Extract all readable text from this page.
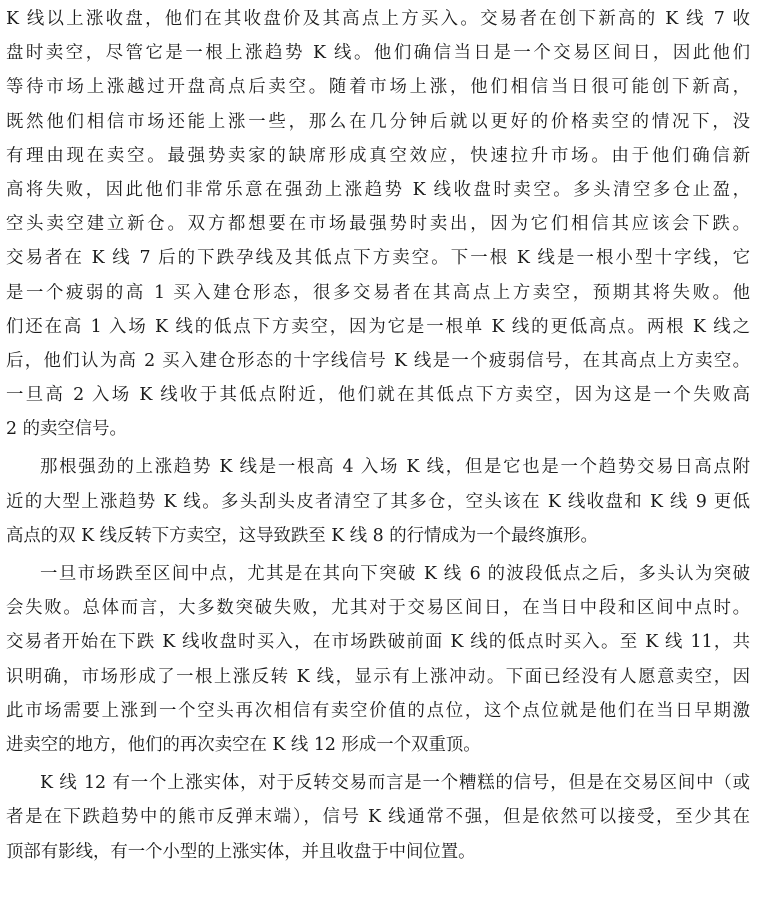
K 线以上涨收盘，他们在其收盘价及其高点上方买入。交易者在创下新高的 K 线 7 收
盘时卖空，尽管它是一根上涨趋势 K 线。他们确信当日是一个交易区间日，因此他们
等待市场上涨越过开盘高点后卖空。随着市场上涨，他们相信当日很可能创下新高，
既然他们相信市场还能上涨一些，那么在几分钟后就以更好的价格卖空的情况下，没
有理由现在卖空。最强势卖家的缺席形成真空效应，快速拉升市场。由于他们确信新
高将失败，因此他们非常乐意在强劲上涨趋势 K 线收盘时卖空。多头清空多仓止盈，
空头卖空建立新仓。双方都想要在市场最强势时卖出，因为它们相信其应该会下跌。
交易者在 K 线 7 后的下跌孕线及其低点下方卖空。下一根 K 线是一根小型十字线，它
是一个疲弱的高 1 买入建仓形态，很多交易者在其高点上方卖空，预期其将失败。他
们还在高 1 入场 K 线的低点下方卖空，因为它是一根单 K 线的更低高点。两根 K 线之
后，他们认为高 2 买入建仓形态的十字线信号 K 线是一个疲弱信号，在其高点上方卖空。
一旦高 2 入场 K 线收于其低点附近，他们就在其低点下方卖空，因为这是一个失败高
2 的卖空信号。
那根强劲的上涨趋势 K 线是一根高 4 入场 K 线，但是它也是一个趋势交易日高点附
近的大型上涨趋势 K 线。多头刮头皮者清空了其多仓，空头该在 K 线收盘和 K 线 9 更低
高点的双 K 线反转下方卖空，这导致跌至 K 线 8 的行情成为一个最终旗形。
一旦市场跌至区间中点，尤其是在其向下突破 K 线 6 的波段低点之后，多头认为突破
会失败。总体而言，大多数突破失败，尤其对于交易区间日，在当日中段和区间中点时。
交易者开始在下跌 K 线收盘时买入，在市场跌破前面 K 线的低点时买入。至 K 线 11，共
识明确，市场形成了一根上涨反转 K 线，显示有上涨冲动。下面已经没有人愿意卖空，因
此市场需要上涨到一个空头再次相信有卖空价值的点位，这个点位就是他们在当日早期激
进卖空的地方，他们的再次卖空在 K 线 12 形成一个双重顶。
K 线 12 有一个上涨实体，对于反转交易而言是一个糟糕的信号，但是在交易区间中（或
者是在下跌趋势中的熊市反弹末端），信号 K 线通常不强，但是依然可以接受，至少其在
顶部有影线，有一个小型的上涨实体，并且收盘于中间位置。
